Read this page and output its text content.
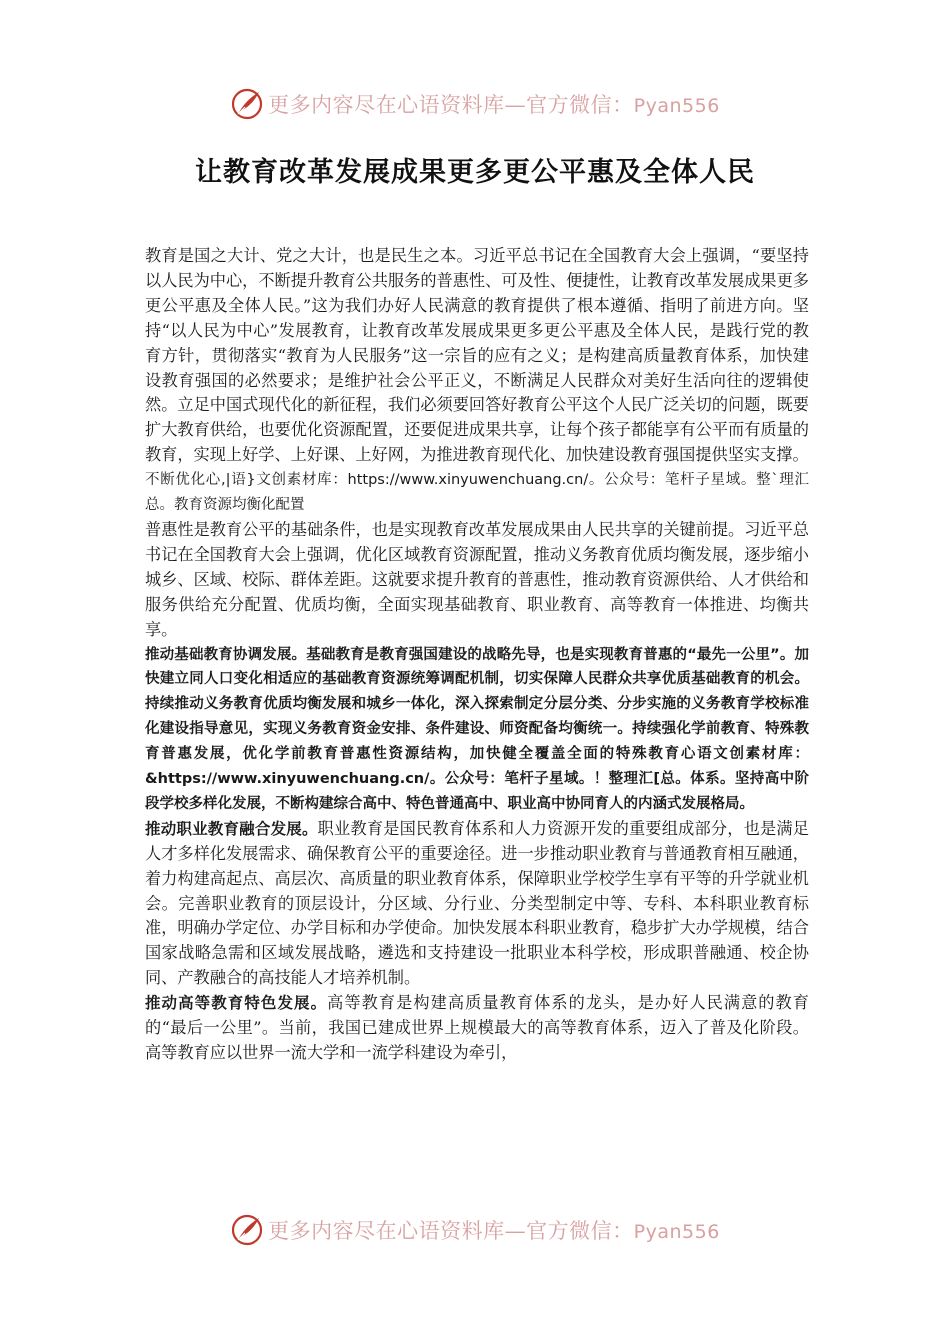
更多内容尽在心语资料库—官方微信：Pyan556
让教育改革发展成果更多更公平惠及全体人民

教育是国之大计、党之大计，也是民生之本。习近平总书记在全国教育大会上强调，“要坚持以人民为中心，不断提升教育公共服务的普惠性、可及性、便捷性，让教育改革发展成果更多更公平惠及全体人民。”这为我们办好人民满意的教育提供了根本遵循、指明了前进方向。坚持“以人民为中心”发展教育，让教育改革发展成果更多更公平惠及全体人民，是践行党的教育方针，贯彻落实“教育为人民服务”这一宗旨的应有之义；是构建高质量教育体系，加快建设教育强国的必然要求；是维护社会公平正义，不断满足人民群众对美好生活向往的逻辑使然。立足中国式现代化的新征程，我们必须要回答好教育公平这个人民广泛关切的问题，既要扩大教育供给，也要优化资源配置，还要促进成果共享，让每个孩子都能享有公平而有质量的教育，实现上好学、上好课、上好网，为推进教育现代化、加快建设教育强国提供坚实支撑。

不断优化心,|语}文创素材库：https://www.xinyuwenchuang.cn/。公众号：笔杆子星域。整`理汇总。教育资源均衡化配置

普惠性是教育公平的基础条件，也是实现教育改革发展成果由人民共享的关键前提。习近平总书记在全国教育大会上强调，优化区域教育资源配置，推动义务教育优质均衡发展，逐步缩小城乡、区域、校际、群体差距。这就要求提升教育的普惠性，推动教育资源供给、人才供给和服务供给充分配置、优质均衡，全面实现基础教育、职业教育、高等教育一体推进、均衡共享。

推动基础教育协调发展。基础教育是教育强国建设的战略先导，也是实现教育普惠的“最先一公里”。加快建立同人口变化相适应的基础教育资源统筹调配机制，切实保障人民群众共享优质基础教育的机会。持续推动义务教育优质均衡发展和城乡一体化，深入探索制定分层分类、分步实施的义务教育学校标准化建设指导意见，实现义务教育资金安排、条件建设、师资配备均衡统一。持续强化学前教育、特殊教育普惠发展，优化学前教育普惠性资源结构，加快健全覆盖全面的特殊教育心语文创素材库：&https://www.xinyuwenchuang.cn/。公众号：笔杆子星域。！整理汇[总。体系。坚持高中阶段学校多样化发展，不断构建综合高中、特色普通高中、职业高中协同育人的内涵式发展格局。

推动职业教育融合发展。职业教育是国民教育体系和人力资源开发的重要组成部分，也是满足人才多样化发展需求、确保教育公平的重要途径。进一步推动职业教育与普通教育相互融通，着力构建高起点、高层次、高质量的职业教育体系，保障职业学校学生享有平等的升学就业机会。完善职业教育的顶层设计，分区域、分行业、分类型制定中等、专科、本科职业教育标准，明确办学定位、办学目标和办学使命。加快发展本科职业教育，稳步扩大办学规模，结合国家战略急需和区域发展战略，遴选和支持建设一批职业本科学校，形成职普融通、校企协同、产教融合的高技能人才培养机制。

推动高等教育特色发展。高等教育是构建高质量教育体系的龙头，是办好人民满意的教育的“最后一公里”。当前，我国已建成世界上规模最大的高等教育体系，迈入了普及化阶段。高等教育应以世界一流大学和一流学科建设为牵引，

更多内容尽在心语资料库—官方微信：Pyan556
